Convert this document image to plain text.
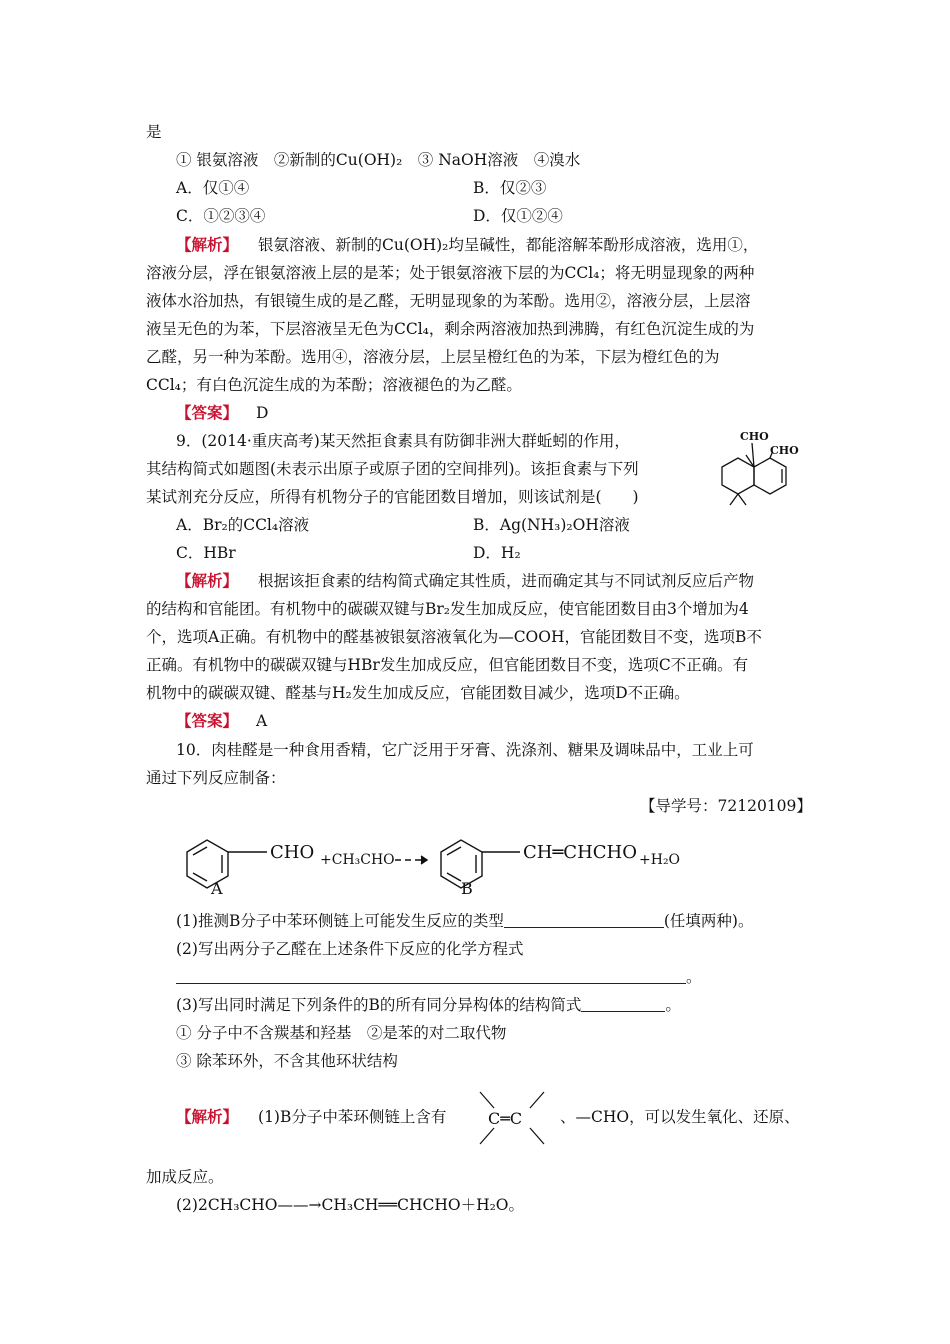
是
① 银氨溶液　②新制的Cu(OH)₂　③ NaOH溶液　④溴水
A．仅①④	B．仅②③
C．①②③④	D．仅①②④
【解析】 银氨溶液、新制的Cu(OH)₂均呈碱性，都能溶解苯酚形成溶液，选用①，
溶液分层，浮在银氨溶液上层的是苯；处于银氨溶液下层的为CCl₄；将无明显现象的两种
液体水浴加热，有银镜生成的是乙醛，无明显现象的为苯酚。选用②，溶液分层，上层溶
液呈无色的为苯，下层溶液呈无色为CCl₄，剩余两溶液加热到沸腾，有红色沉淀生成的为
乙醛，另一种为苯酚。选用④，溶液分层，上层呈橙红色的为苯，下层为橙红色的为
CCl₄；有白色沉淀生成的为苯酚；溶液褪色的为乙醛。
【答案】 D
9．(2014·重庆高考)某天然拒食素具有防御非洲大群蚯蚓的作用，
其结构简式如题图(未表示出原子或原子团的空间排列)。该拒食素与下列
某试剂充分反应，所得有机物分子的官能团数目增加，则该试剂是(　　)
CHO
CHO
A．Br₂的CCl₄溶液	B．Ag(NH₃)₂OH溶液
C．HBr	D．H₂
【解析】 根据该拒食素的结构简式确定其性质，进而确定其与不同试剂反应后产物
的结构和官能团。有机物中的碳碳双键与Br₂发生加成反应，使官能团数目由3个增加为4
个，选项A正确。有机物中的醛基被银氨溶液氧化为—COOH，官能团数目不变，选项B不
正确。有机物中的碳碳双键与HBr发生加成反应，但官能团数目不变，选项C不正确。有
机物中的碳碳双键、醛基与H₂发生加成反应，官能团数目减少，选项D不正确。
【答案】 A
10．肉桂醛是一种食用香精，它广泛用于牙膏、洗涤剂、糖果及调味品中，工业上可
通过下列反应制备：
【导学号：72120109】
CHO
A
+CH₃CHO	CH═CHCHO
B
+H₂O
(1)推测B分子中苯环侧链上可能发生反应的类型	(任填两种)。
(2)写出两分子乙醛在上述条件下反应的化学方程式
。
(3)写出同时满足下列条件的B的所有同分异构体的结构简式	。
① 分子中不含羰基和羟基　②是苯的对二取代物
③ 除苯环外，不含其他环状结构
【解析】 (1)B分子中苯环侧链上含有	C═C 、—CHO，可以发生氧化、还原、
加成反应。
(2)2CH₃CHO——→CH₃CH══CHCHO＋H₂O。
